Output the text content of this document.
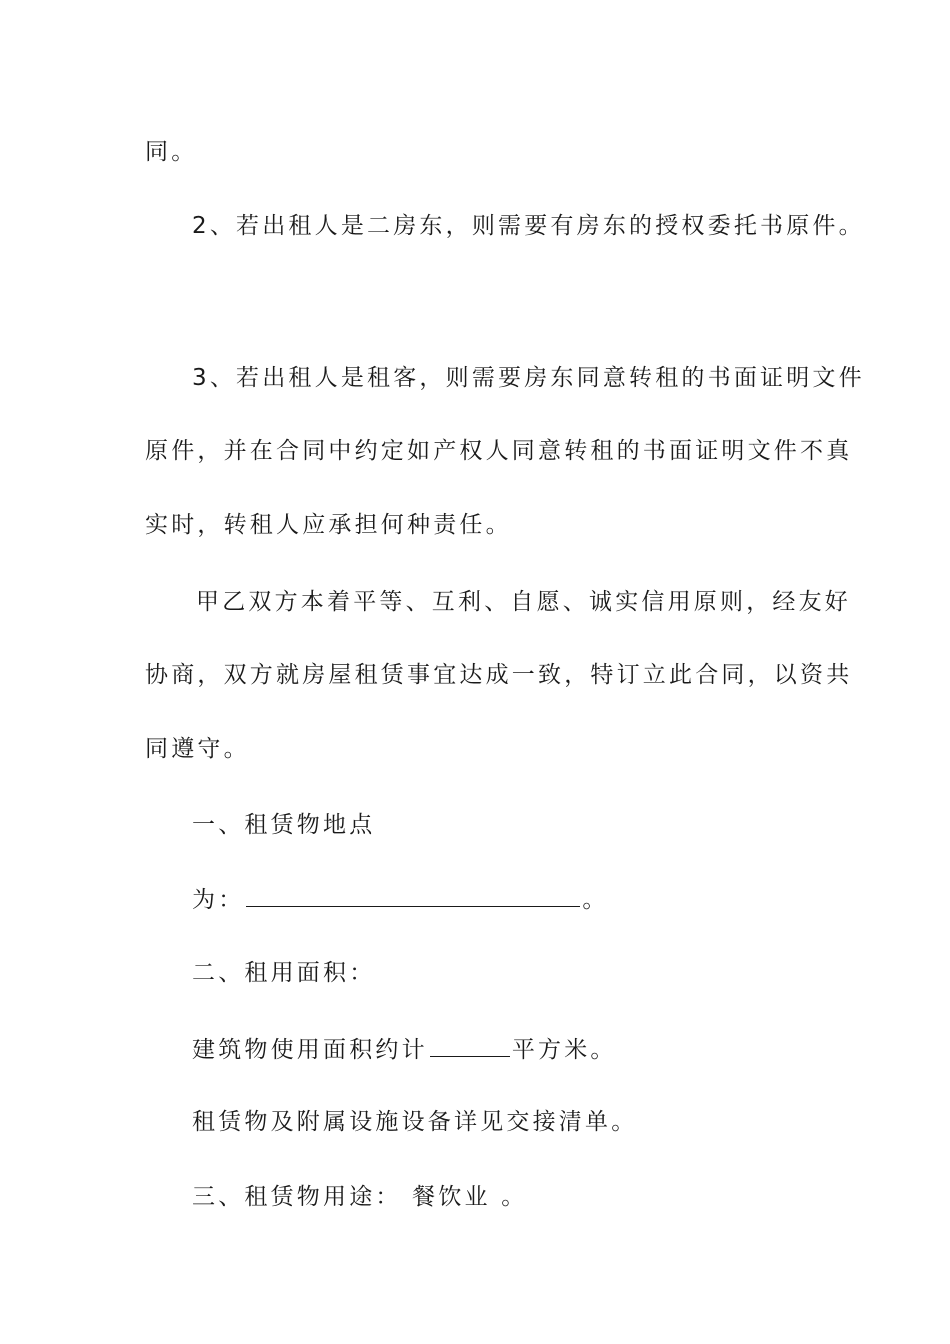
同。

2、若出租人是二房东，则需要有房东的授权委托书原件。

3、若出租人是租客，则需要房东同意转租的书面证明文件

原件，并在合同中约定如产权人同意转租的书面证明文件不真

实时，转租人应承担何种责任。

甲乙双方本着平等、互利、自愿、诚实信用原则，经友好

协商，双方就房屋租赁事宜达成一致，特订立此合同，以资共

同遵守。

一、租赁物地点

为：	。

二、租用面积：

建筑物使用面积约计	平方米。

租赁物及附属设施设备详见交接清单。

三、租赁物用途： 餐饮业 。
